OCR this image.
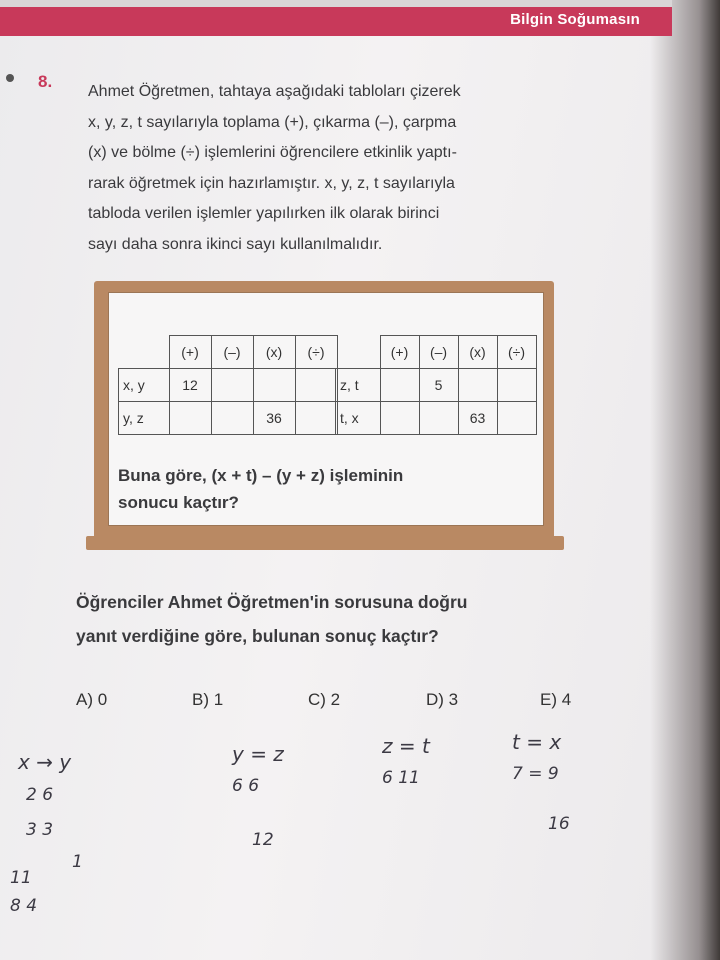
Bilgin Soğumasın
8.
Ahmet Öğretmen, tahtaya aşağıdaki tabloları çizerek
x, y, z, t sayılarıyla toplama (+), çıkarma (–), çarpma
(x) ve bölme (÷) işlemlerini öğrencilere etkinlik yaptı-
rarak öğretmek için hazırlamıştır. x, y, z, t sayılarıyla
tabloda verilen işlemler yapılırken ilk olarak birinci
sayı daha sonra ikinci sayı kullanılmalıdır.
	(+)	(–)	(x)	(÷)
x, y	12			
y, z			36	
	(+)	(–)	(x)	(÷)
z, t		5		
t, x			63	
Buna göre, (x + t) – (y + z) işleminin
sonucu kaçtır?
Öğrenciler Ahmet Öğretmen'in sorusuna doğru
yanıt verdiğine göre, bulunan sonuç kaçtır?
A) 0	B) 1	C) 2	D) 3	E) 4
x → y
2 6
3 3
1
11
8 4
y = z
6 6
12
z = t
6 11
t = x
7 = 9
16
